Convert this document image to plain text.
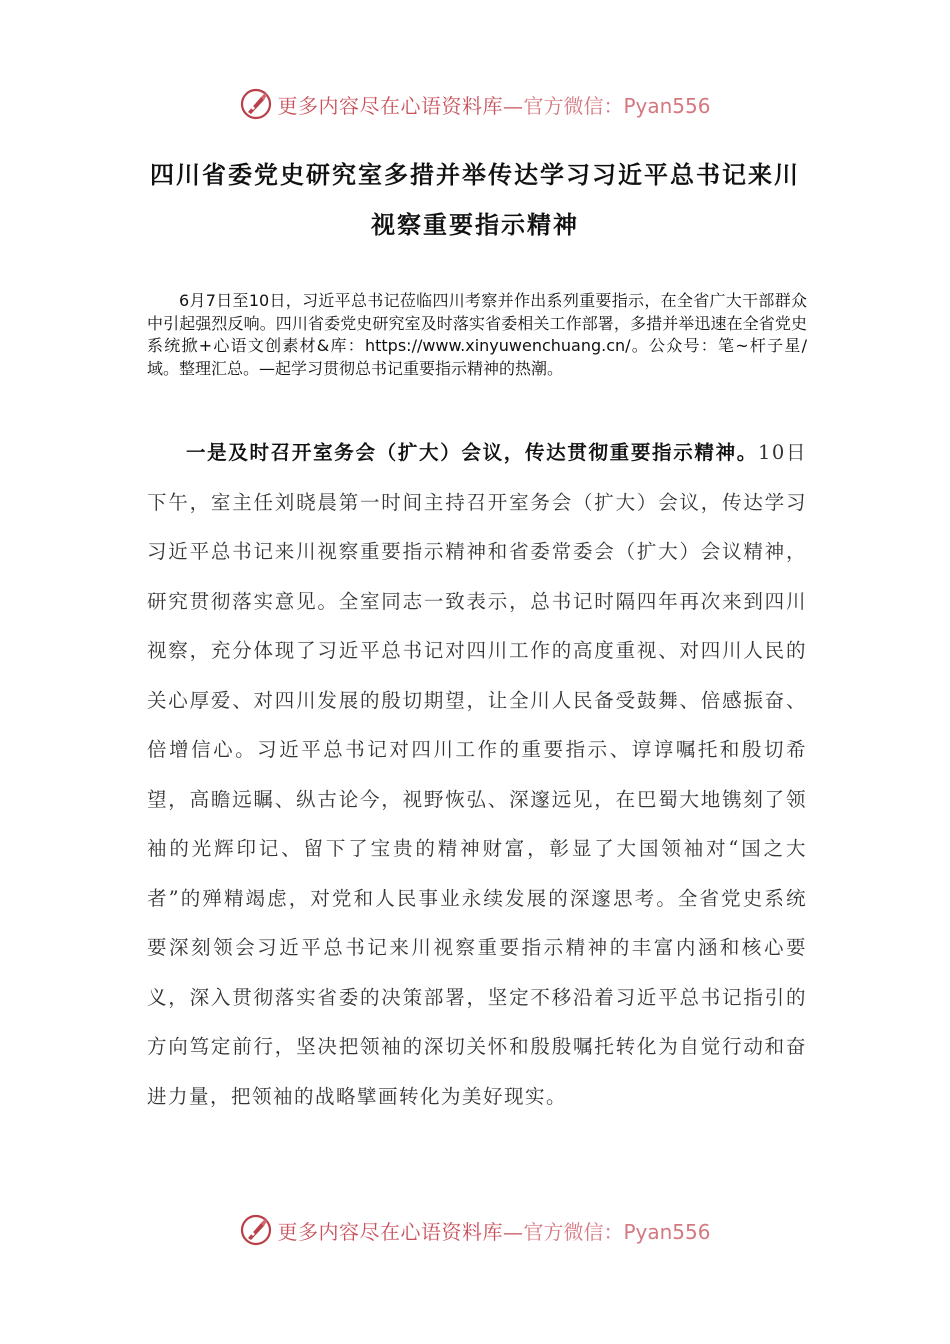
更多内容尽在心语资料库— 官方微信：Pyan556
四川省委党史研究室多措并举传达学习习近平总书记来川
视察重要指示精神

6月7日至10日，习近平总书记莅临四川考察并作出系列重要指示，在全省广大干部群众中引起强烈反响。四川省委党史研究室及时落实省委相关工作部署，多措并举迅速在全省党史系统掀+心语文创素材&库：https://www.xinyuwenchuang.cn/。公众号：笔~杆子星/域。整理汇总。—起学习贯彻总书记重要指示精神的热潮。

一是及时召开室务会（扩大）会议，传达贯彻重要指示精神。10日下午，室主任刘晓晨第一时间主持召开室务会（扩大）会议，传达学习习近平总书记来川视察重要指示精神和省委常委会（扩大）会议精神，研究贯彻落实意见。全室同志一致表示，总书记时隔四年再次来到四川视察，充分体现了习近平总书记对四川工作的高度重视、对四川人民的关心厚爱、对四川发展的殷切期望，让全川人民备受鼓舞、倍感振奋、倍增信心。习近平总书记对四川工作的重要指示、谆谆嘱托和殷切希望，高瞻远瞩、纵古论今，视野恢弘、深邃远见，在巴蜀大地镌刻了领袖的光辉印记、留下了宝贵的精神财富，彰显了大国领袖对“国之大者”的殚精竭虑，对党和人民事业永续发展的深邃思考。全省党史系统要深刻领会习近平总书记来川视察重要指示精神的丰富内涵和核心要义，深入贯彻落实省委的决策部署，坚定不移沿着习近平总书记指引的方向笃定前行，坚决把领袖的深切关怀和殷殷嘱托转化为自觉行动和奋进力量，把领袖的战略擘画转化为美好现实。

更多内容尽在心语资料库— 官方微信：Pyan556
